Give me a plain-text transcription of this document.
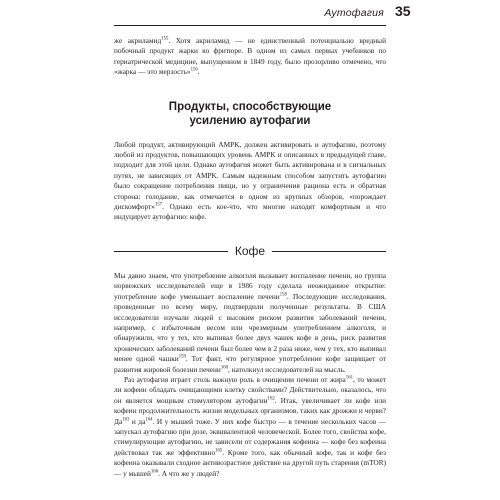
Аутофагия 35

же акриламид$^{155}$. Хотя акриламид — не единственный потенциально вредный побочный продукт жарки во фритюре. В одном из самых первых учебников по гериатрической медицине, выпущенном в 1849 году, было прозорливо отмечено, что «жарка — это мерзость»$^{156}$.

Продукты, способствующие
усилению аутофагии

Любой продукт, активирующий AMPK, должен активировать и аутофагию, поэтому любой из продуктов, повышающих уровень AMPK и описанных в предыдущей главе, подходит для этой цели. Однако аутофагия может быть активирована и в сигнальных путях, не зависящих от AMPK. Самым надежным способом запустить аутофагию было сокращение потребления пищи, но у ограничения рациона есть и обратная сторона: голодание, как отмечается в одном из крупных обзоров, «порождает дискомфорт»$^{157}$. Однако есть кое-что, что многие находят комфортным и что индуцирует аутофагию: кофе.

Кофе

Мы давно знаем, что употребление алкоголя вызывает воспаление печени, но группа норвежских исследователей еще в 1986 году сделала неожиданное открытие: употребление кофе уменьшает воспаление печени$^{158}$. Последующие исследования, проведенные по всему миру, подтвердили полученные результаты. В США исследователи изучали людей с высоким риском развития заболеваний печени, например, с избыточным весом или чрезмерным употреблением алкоголя, и обнаружили, что у тех, кто выпивал более двух чашек кофе в день, риск развития хронических заболеваний печени был более чем в 2 раза ниже, чем у тех, кто выпивал менее одной чашки$^{159}$. Тот факт, что регулярное употребление кофе защищает от развития жировой болезни печени$^{160}$, натолкнул исследователей на мысль.

Раз аутофагия играет столь важную роль в очищении печени от жира$^{161}$, то может ли кофеин обладать очищающими клетку свойствами? Действительно, оказалось, что он является мощным стимулятором аутофагии$^{162}$. Итак, увеличивает ли кофе или кофеин продолжительность жизни модельных организмов, таких как дрожжи и черви? $Да^{163}$ и $да^{164}$. И у мышей тоже. У них кофе быстро — в течение нескольких часов — запускал аутофагию при дозе, эквивалентной человеческой. Более того, свойства кофе, стимулирующие аутофагию, не зависели от содержания кофеина — кофе без кофеина действовал так же эффективно$^{165}$. Кроме того, как обычный кофе, так и кофе без кофеина оказывали сходное антивозрастное действие на другой путь старения (mTOR) — у мышей$^{166}$. А что же у людей?
